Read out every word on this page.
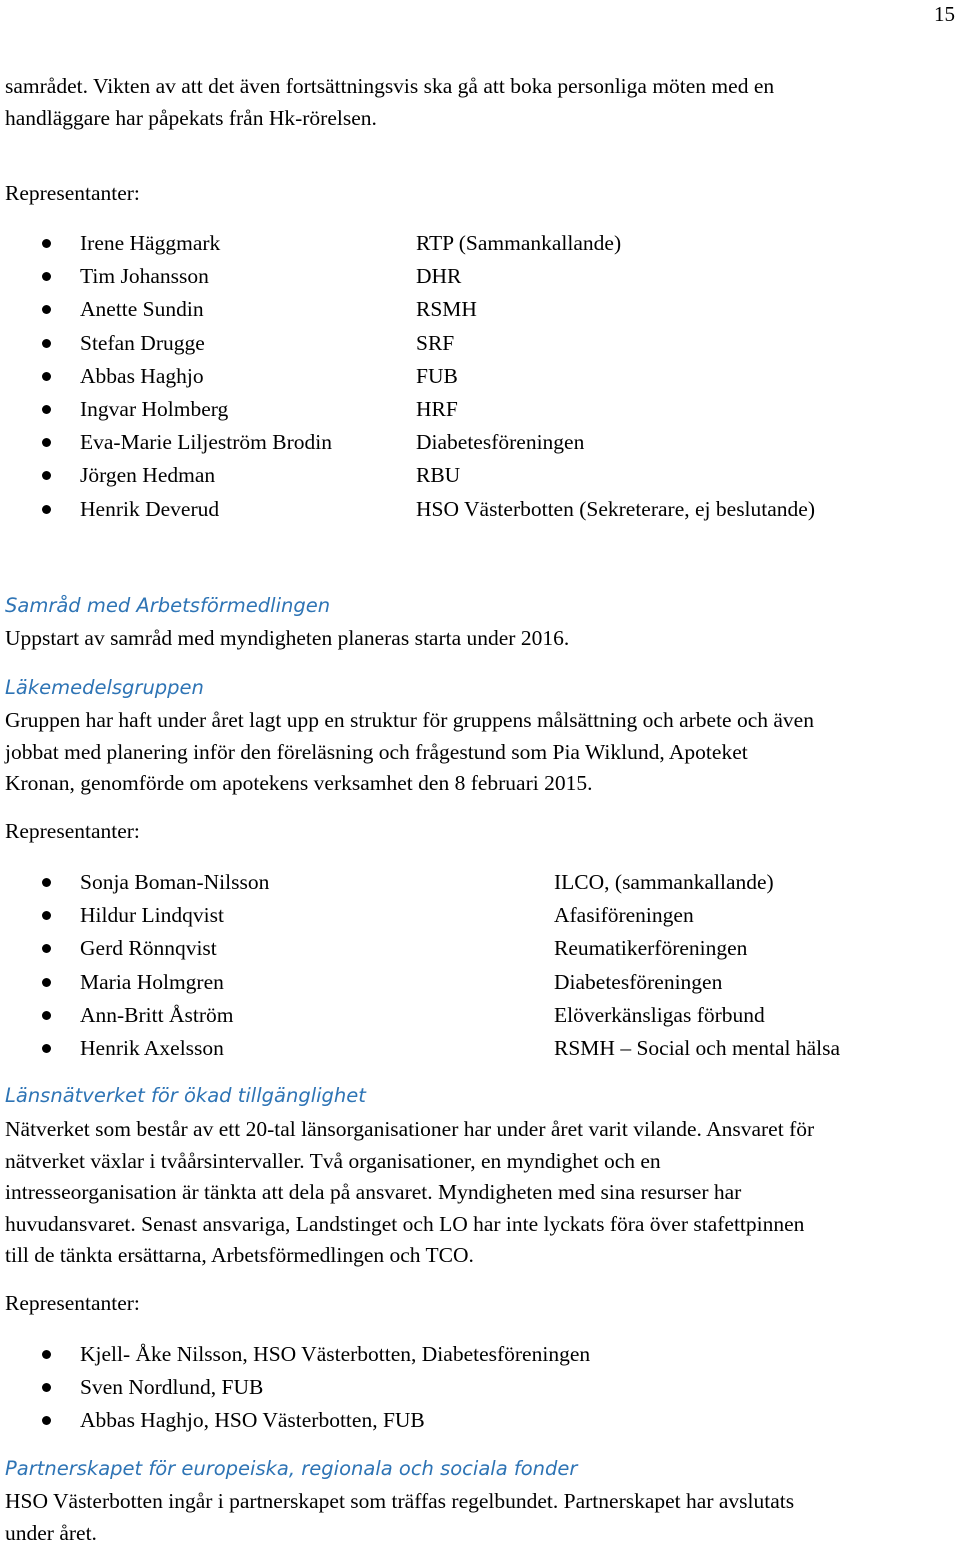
15
samrådet. Vikten av att det även fortsättningsvis ska gå att boka personliga möten med en
handläggare har påpekats från Hk-rörelsen.
Representanter:
Irene Häggmark	RTP (Sammankallande)
Tim Johansson	DHR
Anette Sundin	RSMH
Stefan Drugge	SRF
Abbas Haghjo	FUB
Ingvar Holmberg	HRF
Eva-Marie Liljeström Brodin	Diabetesföreningen
Jörgen Hedman	RBU
Henrik Deverud	HSO Västerbotten (Sekreterare, ej beslutande)
Samråd med Arbetsförmedlingen
Uppstart av samråd med myndigheten planeras starta under 2016.
Läkemedelsgruppen
Gruppen har haft under året lagt upp en struktur för gruppens målsättning och arbete och även
jobbat med planering inför den föreläsning och frågestund som Pia Wiklund, Apoteket
Kronan, genomförde om apotekens verksamhet den 8 februari 2015.
Representanter:
Sonja Boman-Nilsson	ILCO, (sammankallande)
Hildur Lindqvist	Afasiföreningen
Gerd Rönnqvist	Reumatikerföreningen
Maria Holmgren	Diabetesföreningen
Ann-Britt Åström	Elöverkänsligas förbund
Henrik Axelsson	RSMH – Social och mental hälsa
Länsnätverket för ökad tillgänglighet
Nätverket som består av ett 20-tal länsorganisationer har under året varit vilande. Ansvaret för
nätverket växlar i tvåårsintervaller. Två organisationer, en myndighet och en
intresseorganisation är tänkta att dela på ansvaret. Myndigheten med sina resurser har
huvudansvaret. Senast ansvariga, Landstinget och LO har inte lyckats föra över stafettpinnen
till de tänkta ersättarna, Arbetsförmedlingen och TCO.
Representanter:
Kjell- Åke Nilsson, HSO Västerbotten, Diabetesföreningen
Sven Nordlund, FUB
Abbas Haghjo, HSO Västerbotten, FUB
Partnerskapet för europeiska, regionala och sociala fonder
HSO Västerbotten ingår i partnerskapet som träffas regelbundet. Partnerskapet har avslutats
under året.
